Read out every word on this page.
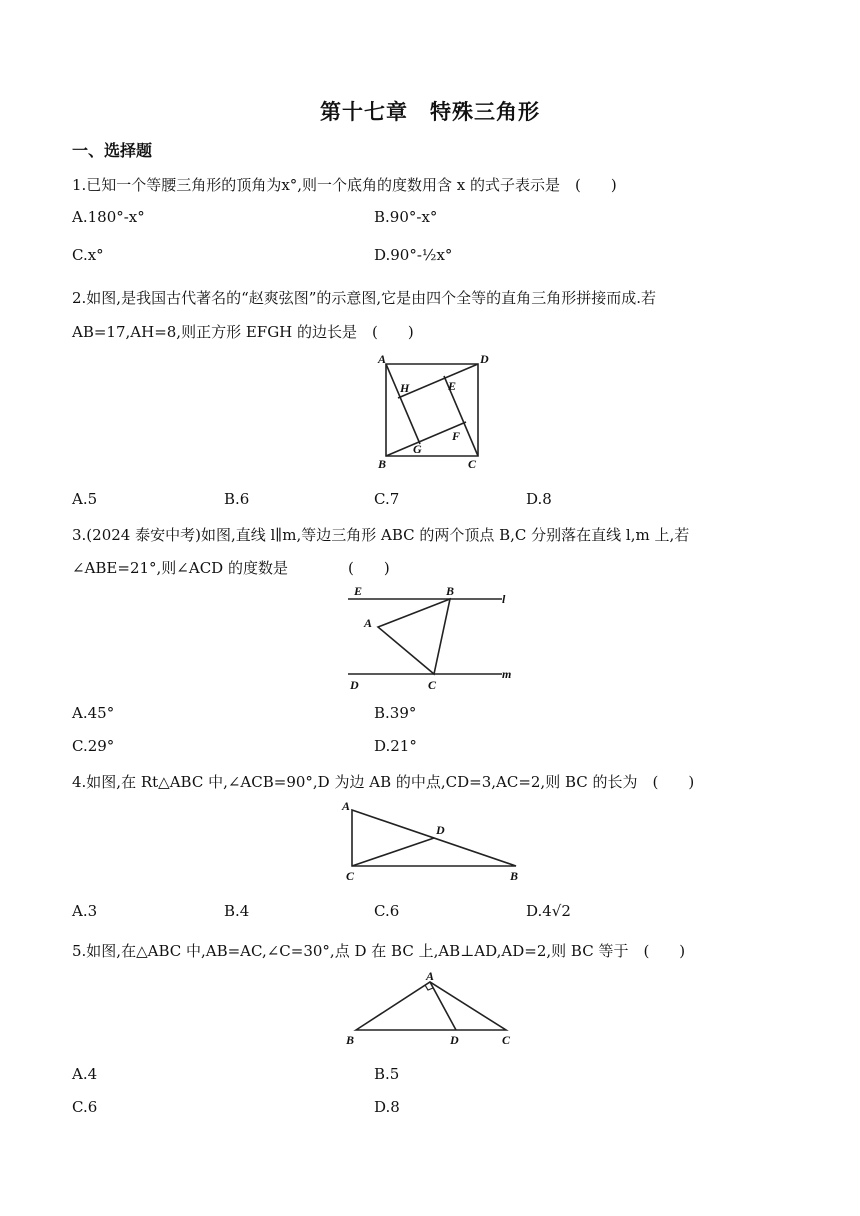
第十七章　特殊三角形
一、选择题
1.已知一个等腰三角形的顶角为x°,则一个底角的度数用含 x 的式子表示是　(　　)
A.180°-x°	B.90°-x°
C.x°	D.90°-½x°
2.如图,是我国古代著名的“赵爽弦图”的示意图,它是由四个全等的直角三角形拼接而成.若
AB=17,AH=8,则正方形 EFGH 的边长是　(　　)
A	D
H	E
F
G
B	C
A.5	B.6	C.7	D.8
3.(2024 泰安中考)如图,直线 l∥m,等边三角形 ABC 的两个顶点 B,C 分别落在直线 l,m 上,若
∠ABE=21°,则∠ACD 的度数是　　　　(　　)
E	B
l
A
D	C
m
A.45°	B.39°
C.29°	D.21°
4.如图,在 Rt△ABC 中,∠ACB=90°,D 为边 AB 的中点,CD=3,AC=2,则 BC 的长为　(　　)
A
D
C	B
A.3	B.4	C.6	D.4√2
5.如图,在△ABC 中,AB=AC,∠C=30°,点 D 在 BC 上,AB⊥AD,AD=2,则 BC 等于　(　　)
A
B	D	C
A.4	B.5
C.6	D.8
